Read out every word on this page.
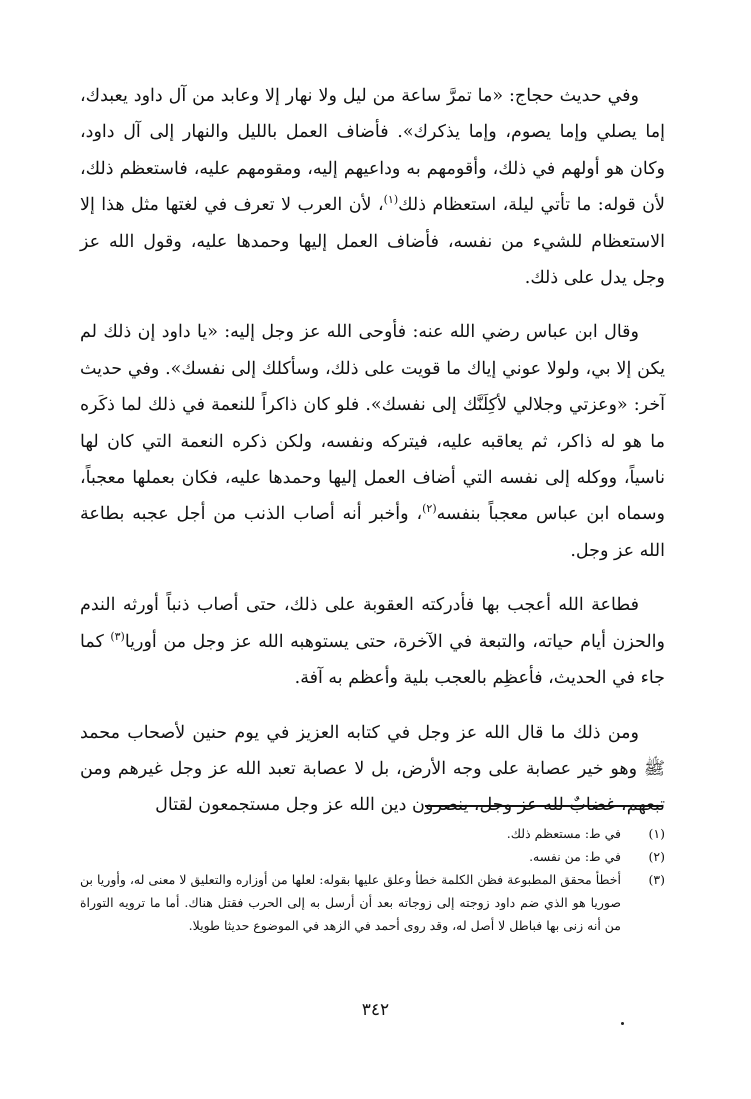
وفي حديث حجاج: «ما تمرَّ ساعة من ليل ولا نهار إلا وعابد من آل داود يعبدك، إما يصلي وإما يصوم، وإما يذكرك». فأضاف العمل بالليل والنهار إلى آل داود، وكان هو أولهم في ذلك، وأقومهم به وداعيهم إليه، ومقومهم عليه، فاستعظم ذلك، لأن قوله: ما تأتي ليلة، استعظام ذلك$^{(١)}$، لأن العرب لا تعرف في لغتها مثل هذا إلا الاستعظام للشيء من نفسه، فأضاف العمل إليها وحمدها عليه، وقول الله عز وجل يدل على ذلك.

وقال ابن عباس رضي الله عنه: فأوحى الله عز وجل إليه: «يا داود إن ذلك لم يكن إلا بي، ولولا عوني إياك ما قويت على ذلك، وسأكلك إلى نفسك». وفي حديث آخر: «وعزتي وجلالي لأكِلَنَّك إلى نفسك». فلو كان ذاكراً للنعمة في ذلك لما ذكَره ما هو له ذاكر، ثم يعاقبه عليه، فيتركه ونفسه، ولكن ذكره النعمة التي كان لها ناسياً، ووكله إلى نفسه التي أضاف العمل إليها وحمدها عليه، فكان بعملها معجباً، وسماه ابن عباس معجباً بنفسه$^{(٢)}$، وأخبر أنه أصاب الذنب من أجل عجبه بطاعة الله عز وجل.

فطاعة الله أعجب بها فأدركته العقوبة على ذلك، حتى أصاب ذنباً أورثه الندم والحزن أيام حياته، والتبعة في الآخرة، حتى يستوهبه الله عز وجل من أوريا$^{(٣)}$ كما جاء في الحديث، فأعظِم بالعجب بلية وأعظم به آفة.

ومن ذلك ما قال الله عز وجل في كتابه العزيز في يوم حنين لأصحاب محمد ﷺ وهو خير عصابة على وجه الأرض، بل لا عصابة تعبد الله عز وجل غيرهم ومن تبعهم، غضابٌ لله عز وجل، ينصرون دين الله عز وجل مستجمعون لقتال

(١)
في ط: مستعظم ذلك.
(٢)
في ط: من نفسه.
(٣)
أخطأ محقق المطبوعة فظن الكلمة خطأ وعلق عليها بقوله: لعلها من أوزاره والتعليق لا معنى له، وأوريا بن صوريا هو الذي ضم داود زوجته إلى زوجاته بعد أن أرسل به إلى الحرب فقتل هناك. أما ما ترويه التوراة من أنه زنى بها فباطل لا أصل له، وقد روى أحمد في الزهد في الموضوع حديثا طويلا.
٣٤٢
